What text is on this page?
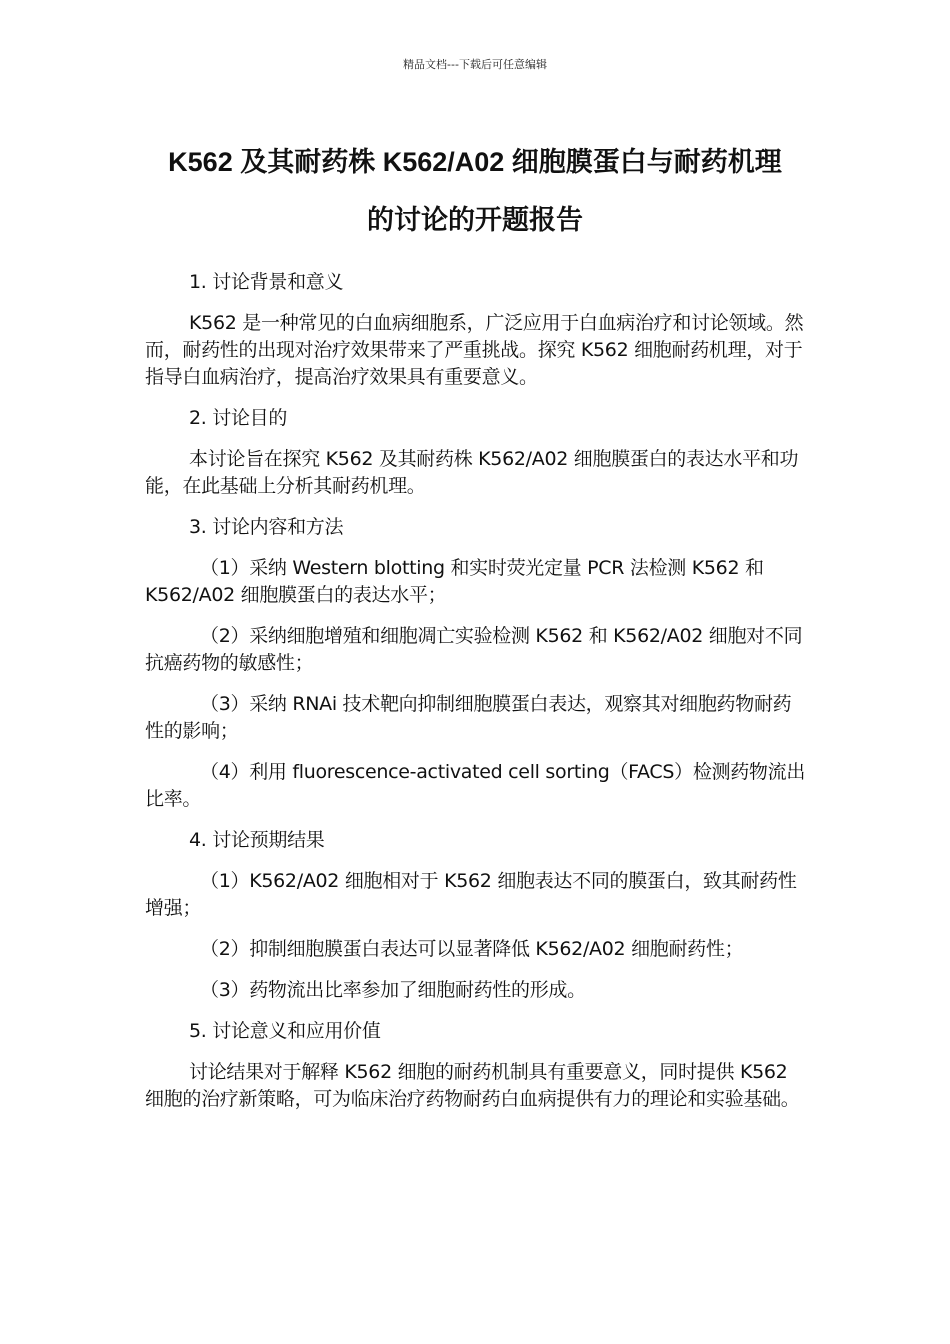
精品文档---下载后可任意编辑
K562 及其耐药株 K562/A02 细胞膜蛋白与耐药机理
的讨论的开题报告

1. 讨论背景和意义

K562 是一种常见的白血病细胞系，广泛应用于白血病治疗和讨论领域。然而，耐药性的出现对治疗效果带来了严重挑战。探究 K562 细胞耐药机理，对于指导白血病治疗，提高治疗效果具有重要意义。

2. 讨论目的

本讨论旨在探究 K562 及其耐药株 K562/A02 细胞膜蛋白的表达水平和功能，在此基础上分析其耐药机理。

3. 讨论内容和方法

（1）采纳 Western blotting 和实时荧光定量 PCR 法检测 K562 和 K562/A02 细胞膜蛋白的表达水平；

（2）采纳细胞增殖和细胞凋亡实验检测 K562 和 K562/A02 细胞对不同抗癌药物的敏感性；

（3）采纳 RNAi 技术靶向抑制细胞膜蛋白表达，观察其对细胞药物耐药性的影响；

（4）利用 fluorescence-activated cell sorting（FACS）检测药物流出比率。

4. 讨论预期结果

（1）K562/A02 细胞相对于 K562 细胞表达不同的膜蛋白，致其耐药性增强；

（2）抑制细胞膜蛋白表达可以显著降低 K562/A02 细胞耐药性；

（3）药物流出比率参加了细胞耐药性的形成。

5. 讨论意义和应用价值

讨论结果对于解释 K562 细胞的耐药机制具有重要意义，同时提供 K562 细胞的治疗新策略，可为临床治疗药物耐药白血病提供有力的理论和实验基础。
